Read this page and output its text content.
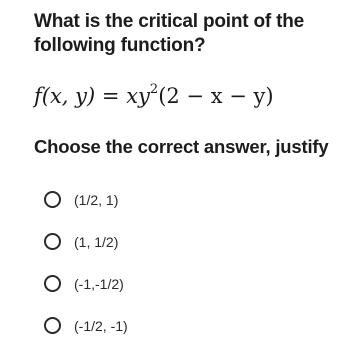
What is the critical point of the following function?
f(x, $y) = xy^2(2 - x - y)$
Choose the correct answer, justify
(1/2, 1)
(1, 1/2)
(-1,-1/2)
(-1/2, -1)
